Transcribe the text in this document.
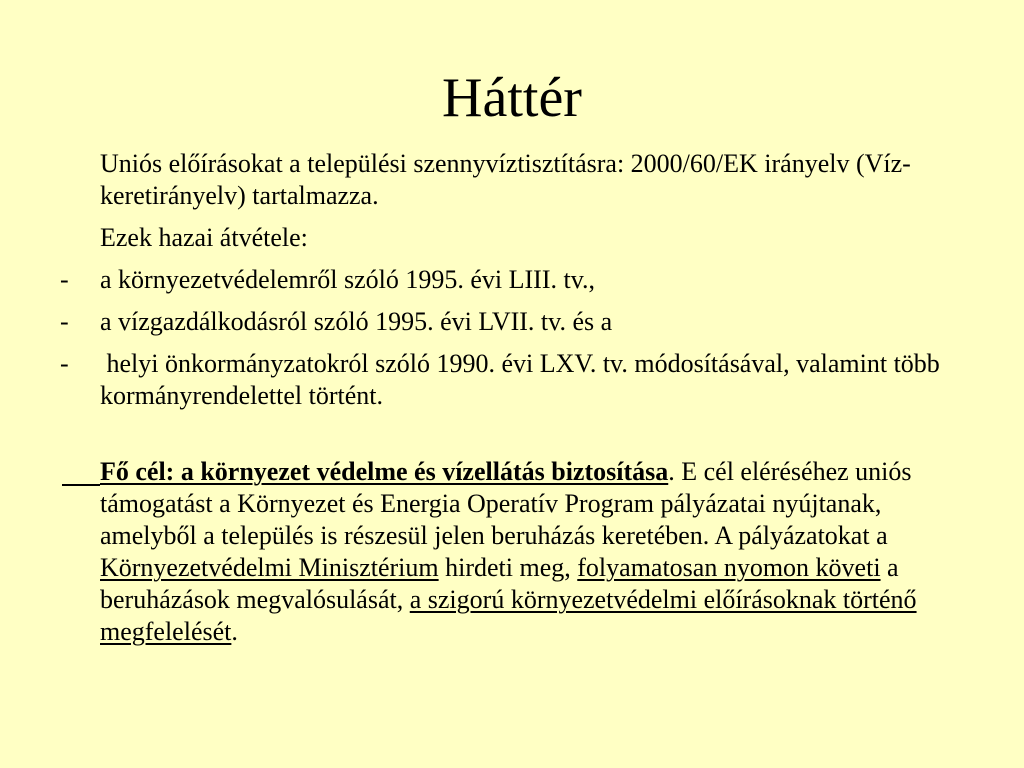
Háttér

Uniós előírásokat a települési szennyvíztisztításra: 2000/60/EK irányelv (Víz-keretirányelv) tartalmazza.

Ezek hazai átvétele:

- a környezetvédelemről szóló 1995. évi LIII. tv.,
- a vízgazdálkodásról szóló 1995. évi LVII. tv. és a
- helyi önkormányzatokról szóló 1990. évi LXV. tv. módosításával, valamint több kormányrendelettel történt.
Fő cél: a környezet védelme és vízellátás biztosítása. E cél eléréséhez uniós támogatást a Környezet és Energia Operatív Program pályázatai nyújtanak, amelyből a település is részesül jelen beruházás keretében. A pályázatokat a Környezetvédelmi Minisztérium hirdeti meg, folyamatosan nyomon követi a beruházások megvalósulását, a szigorú környezetvédelmi előírásoknak történő megfelelését.
